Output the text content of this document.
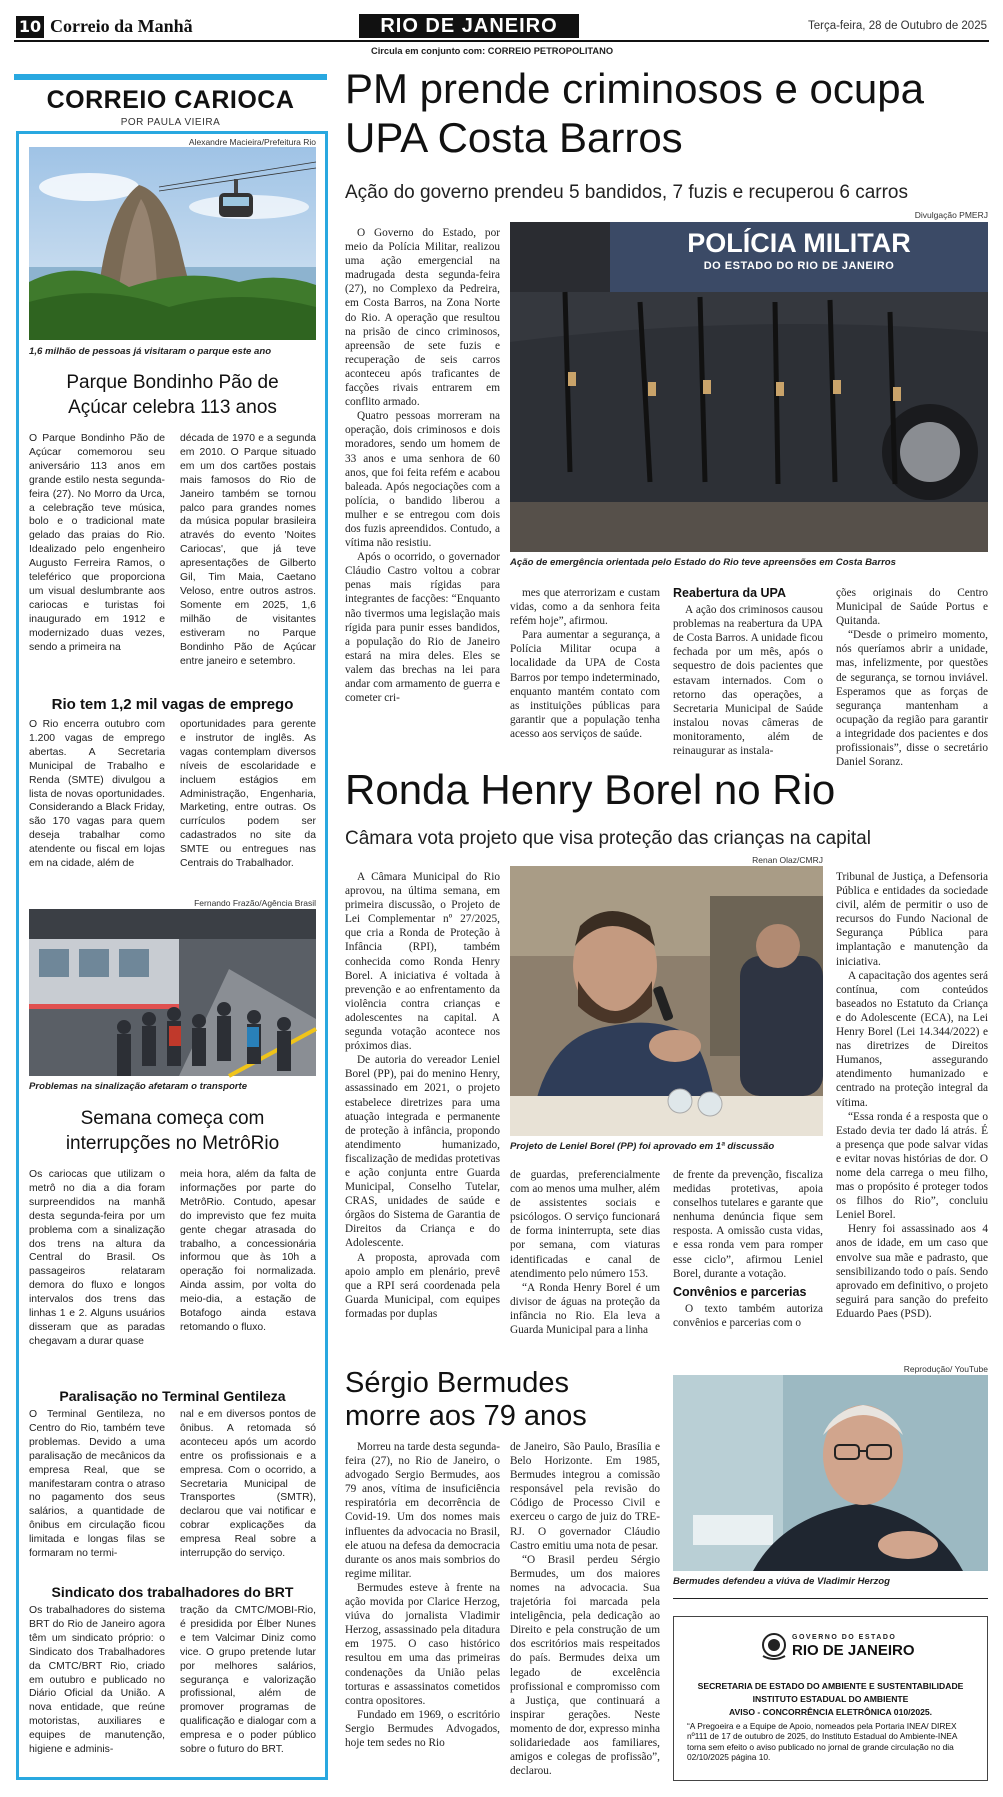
10 Correio da Manhã	RIO DE JANEIRO	Terça-feira, 28 de Outubro de 2025
Circula em conjunto com: CORREIO PETROPOLITANO
CORREIO CARIOCA
POR PAULA VIEIRA
Alexandre Macieira/Prefeitura Rio
1,6 milhão de pessoas já visitaram o parque este ano
Parque Bondinho Pão de Açúcar celebra 113 anos
O Parque Bondinho Pão de Açúcar comemorou seu aniversário 113 anos em grande estilo nesta segunda-feira (27). No Morro da Urca, a celebração teve música, bolo e o tradicional mate gelado das praias do Rio. Idealizado pelo engenheiro Augusto Ferreira Ramos, o teleférico que proporciona um visual deslumbrante aos cariocas e turistas foi inaugurado em 1912 e modernizado duas vezes, sendo a primeira na
década de 1970 e a segunda em 2010. O Parque situado em um dos cartões postais mais famosos do Rio de Janeiro também se tornou palco para grandes nomes da música popular brasileira através do evento 'Noites Cariocas', que já teve apresentações de Gilberto Gil, Tim Maia, Caetano Veloso, entre outros astros. Somente em 2025, 1,6 milhão de visitantes estiveram no Parque Bondinho Pão de Açúcar entre janeiro e setembro.
Rio tem 1,2 mil vagas de emprego
O Rio encerra outubro com 1.200 vagas de emprego abertas. A Secretaria Municipal de Trabalho e Renda (SMTE) divulgou a lista de novas oportunidades. Considerando a Black Friday, são 170 vagas para quem deseja trabalhar como atendente ou fiscal em lojas em na cidade, além de
oportunidades para gerente e instrutor de inglês. As vagas contemplam diversos níveis de escolaridade e incluem estágios em Administração, Engenharia, Marketing, entre outras. Os currículos podem ser cadastrados no site da SMTE ou entregues nas Centrais do Trabalhador.
Fernando Frazão/Agência Brasil
Problemas na sinalização afetaram o transporte
Semana começa com interrupções no MetrôRio
Os cariocas que utilizam o metrô no dia a dia foram surpreendidos na manhã desta segunda-feira por um problema com a sinalização dos trens na altura da Central do Brasil. Os passageiros relataram demora do fluxo e longos intervalos dos trens das linhas 1 e 2. Alguns usuários disseram que as paradas chegavam a durar quase
meia hora, além da falta de informações por parte do MetrôRio. Contudo, apesar do imprevisto que fez muita gente chegar atrasada do trabalho, a concessionária informou que às 10h a operação foi normalizada. Ainda assim, por volta do meio-dia, a estação de Botafogo ainda estava retomando o fluxo.
Paralisação no Terminal Gentileza
O Terminal Gentileza, no Centro do Rio, também teve problemas. Devido a uma paralisação de mecânicos da empresa Real, que se manifestaram contra o atraso no pagamento dos seus salários, a quantidade de ônibus em circulação ficou limitada e longas filas se formaram no termi-
nal e em diversos pontos de ônibus. A retomada só aconteceu após um acordo entre os profissionais e a empresa. Com o ocorrido, a Secretaria Municipal de Transportes (SMTR), declarou que vai notificar e cobrar explicações da empresa Real sobre a interrupção do serviço.
Sindicato dos trabalhadores do BRT
Os trabalhadores do sistema BRT do Rio de Janeiro agora têm um sindicato próprio: o Sindicato dos Trabalhadores da CMTC/BRT Rio, criado em outubro e publicado no Diário Oficial da União. A nova entidade, que reúne motoristas, auxiliares e equipes de manutenção, higiene e adminis-
tração da CMTC/MOBI-Rio, é presidida por Élber Nunes e tem Valcimar Diniz como vice. O grupo pretende lutar por melhores salários, segurança e valorização profissional, além de promover programas de qualificação e dialogar com a empresa e o poder público sobre o futuro do BRT.
PM prende criminosos e ocupa UPA Costa Barros
Ação do governo prendeu 5 bandidos, 7 fuzis e recuperou 6 carros
Divulgação PMERJ
POLÍCIA MILITAR
DO ESTADO DO RIO DE JANEIRO
Ação de emergência orientada pelo Estado do Rio teve apreensões em Costa Barros

O Governo do Estado, por meio da Polícia Militar, realizou uma ação emergencial na madrugada desta segunda-feira (27), no Complexo da Pedreira, em Costa Barros, na Zona Norte do Rio. A operação que resultou na prisão de cinco criminosos, apreensão de sete fuzis e recuperação de seis carros aconteceu após traficantes de facções rivais entrarem em conflito armado.

Quatro pessoas morreram na operação, dois criminosos e dois moradores, sendo um homem de 33 anos e uma senhora de 60 anos, que foi feita refém e acabou baleada. Após negociações com a polícia, o bandido liberou a mulher e se entregou com dois dos fuzis apreendidos. Contudo, a vítima não resistiu.

Após o ocorrido, o governador Cláudio Castro voltou a cobrar penas mais rígidas para integrantes de facções: “Enquanto não tivermos uma legislação mais rígida para punir esses bandidos, a população do Rio de Janeiro estará na mira deles. Eles se valem das brechas na lei para andar com armamento de guerra e cometer cri-

mes que aterrorizam e custam vidas, como a da senhora feita refém hoje”, afirmou.

Para aumentar a segurança, a Polícia Militar ocupa a localidade da UPA de Costa Barros por tempo indeterminado, enquanto mantém contato com as instituições públicas para garantir que a população tenha acesso aos serviços de saúde.

Reabertura da UPA

A ação dos criminosos causou problemas na reabertura da UPA de Costa Barros. A unidade ficou fechada por um mês, após o sequestro de dois pacientes que estavam internados. Com o retorno das operações, a Secretaria Municipal de Saúde instalou novas câmeras de monitoramento, além de reinaugurar as instala-

ções originais do Centro Municipal de Saúde Portus e Quitanda.

“Desde o primeiro momento, nós queríamos abrir a unidade, mas, infelizmente, por questões de segurança, se tornou inviável. Esperamos que as forças de segurança mantenham a ocupação da região para garantir a integridade dos pacientes e dos profissionais”, disse o secretário Daniel Soranz.

Ronda Henry Borel no Rio
Câmara vota projeto que visa proteção das crianças na capital
Renan Olaz/CMRJ
Projeto de Leniel Borel (PP) foi aprovado em 1ª discussão

A Câmara Municipal do Rio aprovou, na última semana, em primeira discussão, o Projeto de Lei Complementar nº 27/2025, que cria a Ronda de Proteção à Infância (RPI), também conhecida como Ronda Henry Borel. A iniciativa é voltada à prevenção e ao enfrentamento da violência contra crianças e adolescentes na capital. A segunda votação acontece nos próximos dias.

De autoria do vereador Leniel Borel (PP), pai do menino Henry, assassinado em 2021, o projeto estabelece diretrizes para uma atuação integrada e permanente de proteção à infância, propondo atendimento humanizado, fiscalização de medidas protetivas e ação conjunta entre Guarda Municipal, Conselho Tutelar, CRAS, unidades de saúde e órgãos do Sistema de Garantia de Direitos da Criança e do Adolescente.

A proposta, aprovada com apoio amplo em plenário, prevê que a RPI será coordenada pela Guarda Municipal, com equipes formadas por duplas

de guardas, preferencialmente com ao menos uma mulher, além de assistentes sociais e psicólogos. O serviço funcionará de forma ininterrupta, sete dias por semana, com viaturas identificadas e canal de atendimento pelo número 153.

“A Ronda Henry Borel é um divisor de águas na proteção da infância no Rio. Ela leva a Guarda Municipal para a linha

de frente da prevenção, fiscaliza medidas protetivas, apoia conselhos tutelares e garante que nenhuma denúncia fique sem resposta. A omissão custa vidas, e essa ronda vem para romper esse ciclo”, afirmou Leniel Borel, durante a votação.

Convênios e parcerias

O texto também autoriza convênios e parcerias com o

Tribunal de Justiça, a Defensoria Pública e entidades da sociedade civil, além de permitir o uso de recursos do Fundo Nacional de Segurança Pública para implantação e manutenção da iniciativa.

A capacitação dos agentes será contínua, com conteúdos baseados no Estatuto da Criança e do Adolescente (ECA), na Lei Henry Borel (Lei 14.344/2022) e nas diretrizes de Direitos Humanos, assegurando atendimento humanizado e centrado na proteção integral da vítima.

“Essa ronda é a resposta que o Estado devia ter dado lá atrás. É a presença que pode salvar vidas e evitar novas histórias de dor. O nome dela carrega o meu filho, mas o propósito é proteger todos os filhos do Rio”, concluiu Leniel Borel.

Henry foi assassinado aos 4 anos de idade, em um caso que envolve sua mãe e padrasto, que sensibilizando todo o país. Sendo aprovado em definitivo, o projeto seguirá para sanção do prefeito Eduardo Paes (PSD).

Sérgio Bermudes morre aos 79 anos
Reprodução/ YouTube
Bermudes defendeu a viúva de Vladimir Herzog

Morreu na tarde desta segunda-feira (27), no Rio de Janeiro, o advogado Sergio Bermudes, aos 79 anos, vítima de insuficiência respiratória em decorrência de Covid-19. Um dos nomes mais influentes da advocacia no Brasil, ele atuou na defesa da democracia durante os anos mais sombrios do regime militar.

Bermudes esteve à frente na ação movida por Clarice Herzog, viúva do jornalista Vladimir Herzog, assassinado pela ditadura em 1975. O caso histórico resultou em uma das primeiras condenações da União pelas torturas e assassinatos cometidos contra opositores.

Fundado em 1969, o escritório Sergio Bermudes Advogados, hoje tem sedes no Rio

de Janeiro, São Paulo, Brasília e Belo Horizonte. Em 1985, Bermudes integrou a comissão responsável pela revisão do Código de Processo Civil e exerceu o cargo de juiz do TRE-RJ. O governador Cláudio Castro emitiu uma nota de pesar.

“O Brasil perdeu Sérgio Bermudes, um dos maiores nomes na advocacia. Sua trajetória foi marcada pela inteligência, pela dedicação ao Direito e pela construção de um dos escritórios mais respeitados do país. Bermudes deixa um legado de excelência profissional e compromisso com a Justiça, que continuará a inspirar gerações. Neste momento de dor, expresso minha solidariedade aos familiares, amigos e colegas de profissão”, declarou.

GOVERNO DO ESTADO
RIO DE JANEIRO
SECRETARIA DE ESTADO DO AMBIENTE E SUSTENTABILIDADE
INSTITUTO ESTADUAL DO AMBIENTE
AVISO - CONCORRÊNCIA ELETRÔNICA 010/2025.
“A Pregoeira e a Equipe de Apoio, nomeados pela Portaria INEA/ DIREX nº111 de 17 de outubro de 2025, do Instituto Estadual do Ambiente-INEA torna sem efeito o aviso publicado no jornal de grande circulação no dia 02/10/2025 página 10.
